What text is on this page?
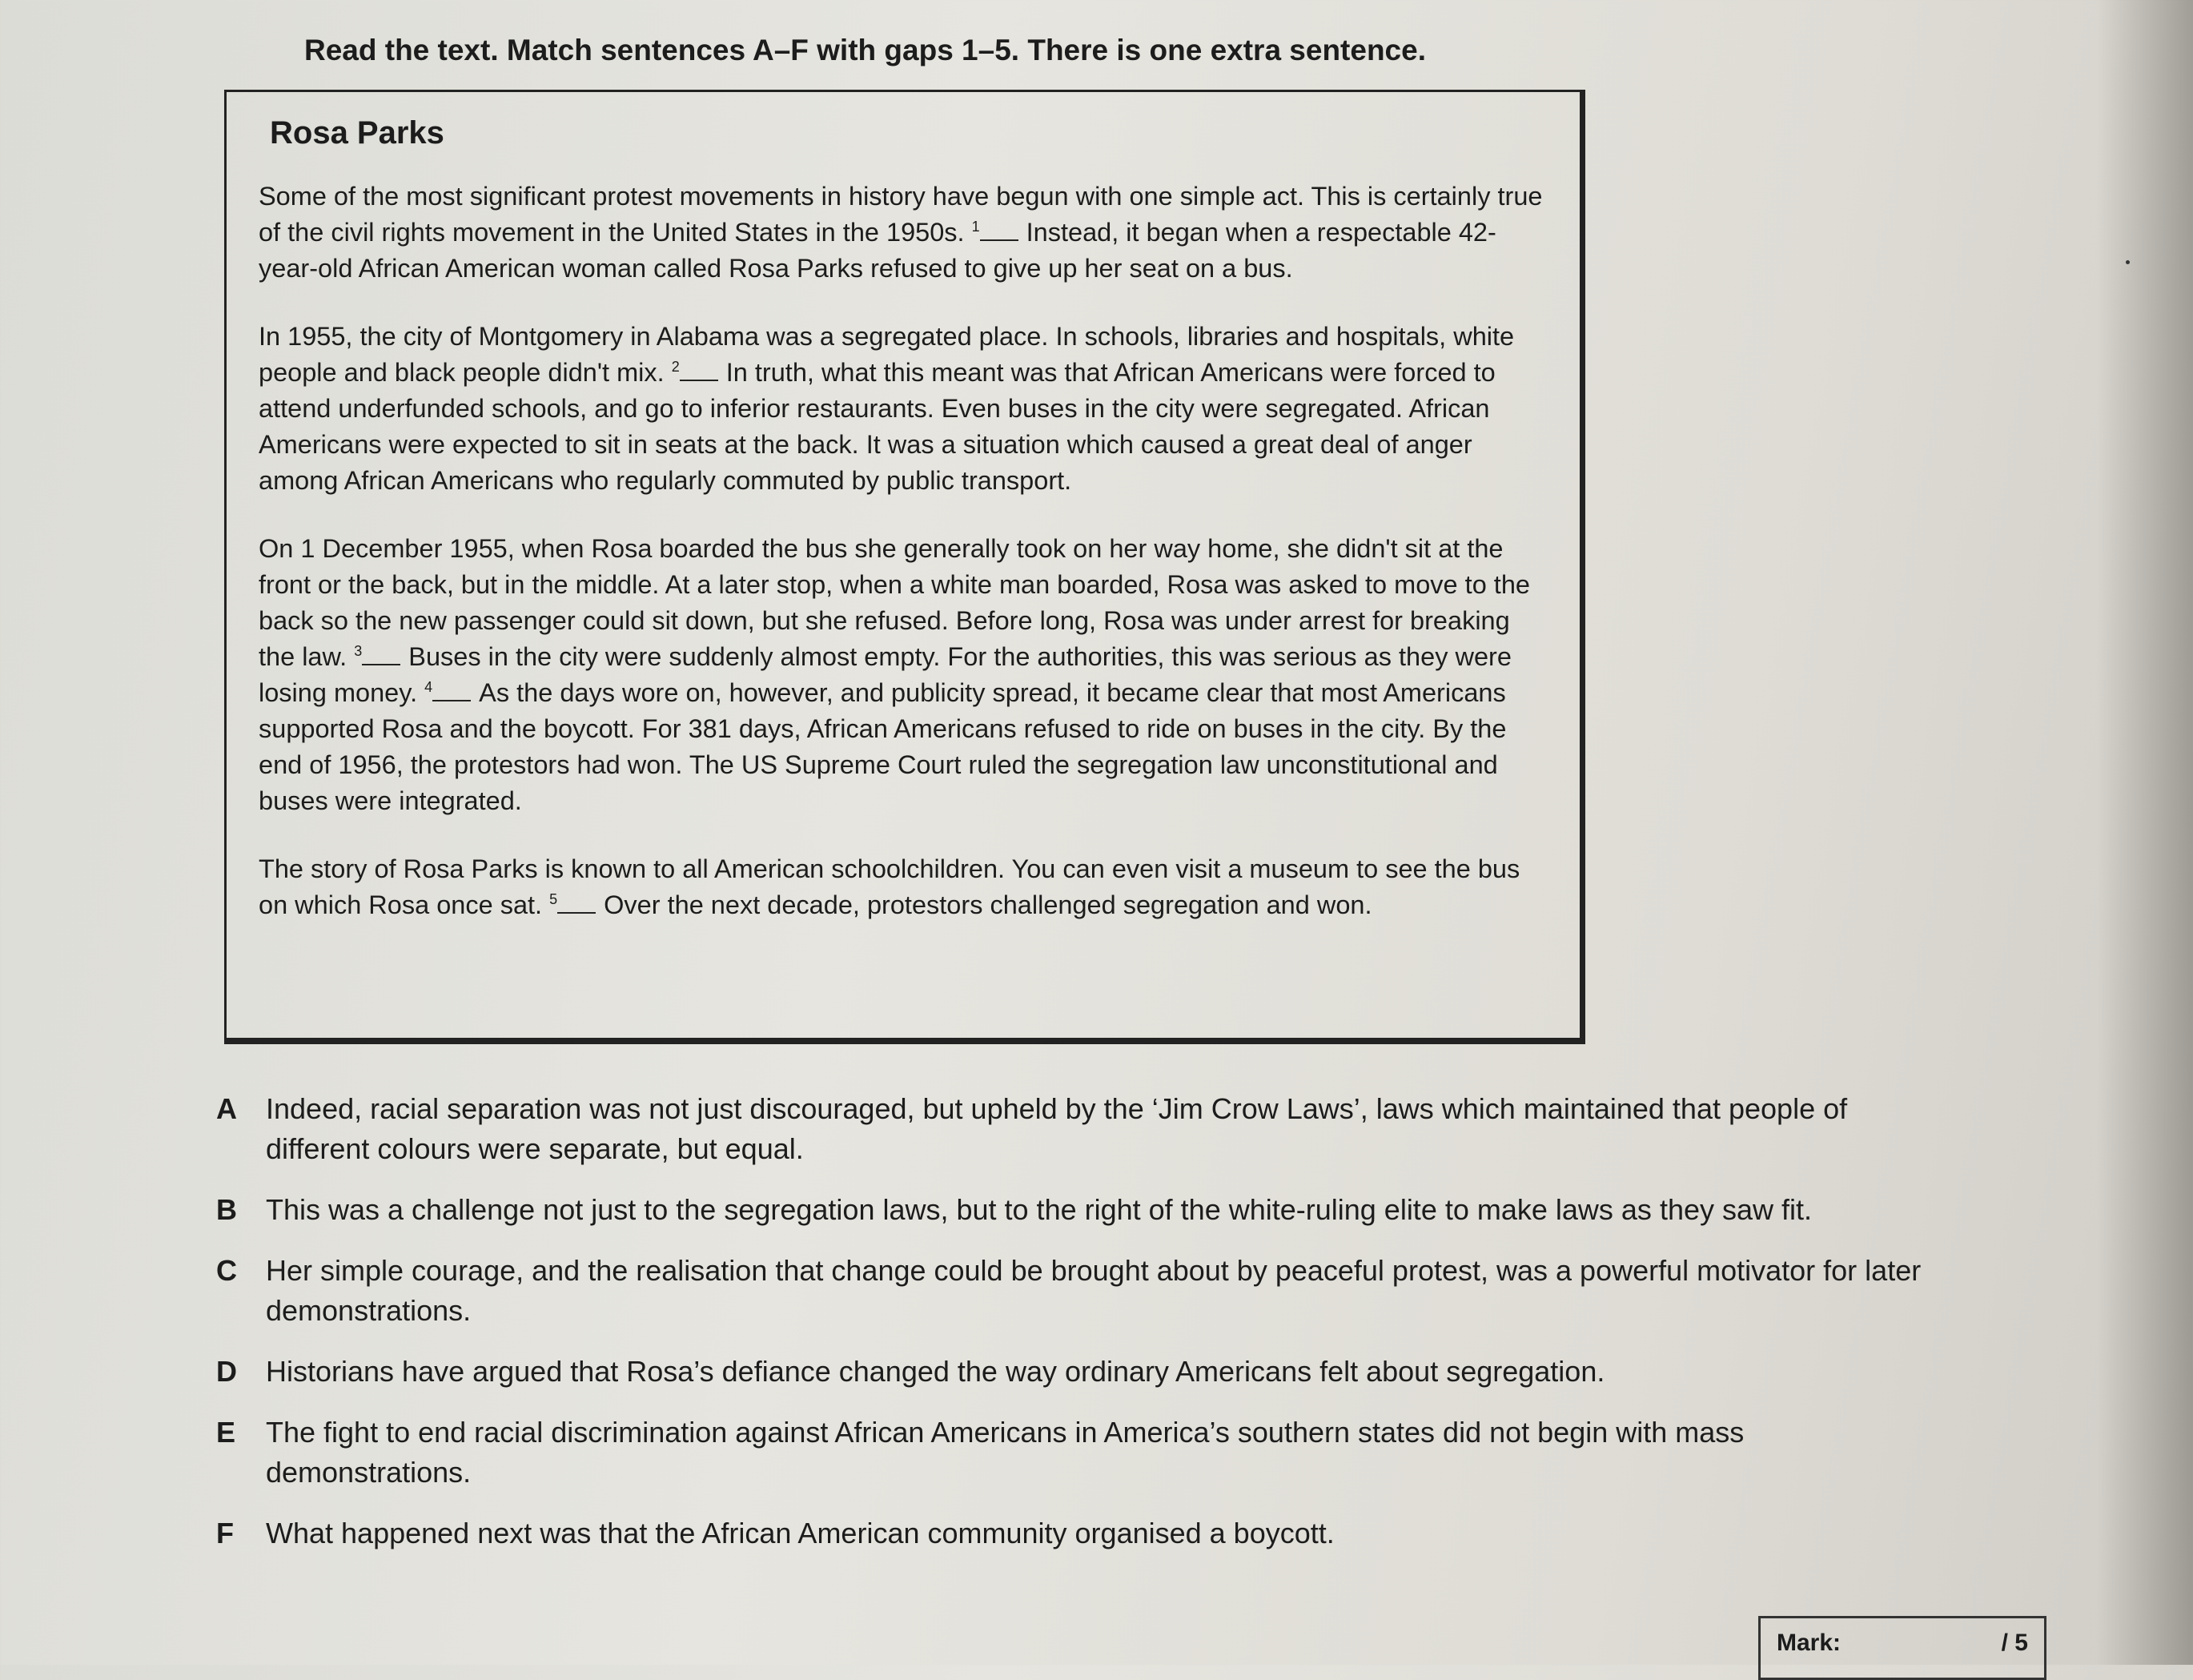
Read the text. Match sentences A–F with gaps 1–5. There is one extra sentence.
Rosa Parks
Some of the most significant protest movements in history have begun with one simple act. This is certainly true of the civil rights movement in the United States in the 1950s. $^1$ Instead, it began when a respectable 42-year-old African American woman called Rosa Parks refused to give up her seat on a bus.
In 1955, the city of Montgomery in Alabama was a segregated place. In schools, libraries and hospitals, white people and black people didn't mix. $^2$ In truth, what this meant was that African Americans were forced to attend underfunded schools, and go to inferior restaurants. Even buses in the city were segregated. African Americans were expected to sit in seats at the back. It was a situation which caused a great deal of anger among African Americans who regularly commuted by public transport.
On 1 December 1955, when Rosa boarded the bus she generally took on her way home, she didn't sit at the front or the back, but in the middle. At a later stop, when a white man boarded, Rosa was asked to move to the back so the new passenger could sit down, but she refused. Before long, Rosa was under arrest for breaking the law. $^3$ Buses in the city were suddenly almost empty. For the authorities, this was serious as they were losing money. $^4$ As the days wore on, however, and publicity spread, it became clear that most Americans supported Rosa and the boycott. For 381 days, African Americans refused to ride on buses in the city. By the end of 1956, the protestors had won. The US Supreme Court ruled the segregation law unconstitutional and buses were integrated.
The story of Rosa Parks is known to all American schoolchildren. You can even visit a museum to see the bus on which Rosa once sat. $^5$ Over the next decade, protestors challenged segregation and won.
A	Indeed, racial separation was not just discouraged, but upheld by the ‘Jim Crow Laws’, laws which maintained that people of different colours were separate, but equal.
B	This was a challenge not just to the segregation laws, but to the right of the white-ruling elite to make laws as they saw fit.
C	Her simple courage, and the realisation that change could be brought about by peaceful protest, was a powerful motivator for later demonstrations.
D	Historians have argued that Rosa’s defiance changed the way ordinary Americans felt about segregation.
E	The fight to end racial discrimination against African Americans in America’s southern states did not begin with mass demonstrations.
F	What happened next was that the African American community organised a boycott.
Mark:	/ 5
